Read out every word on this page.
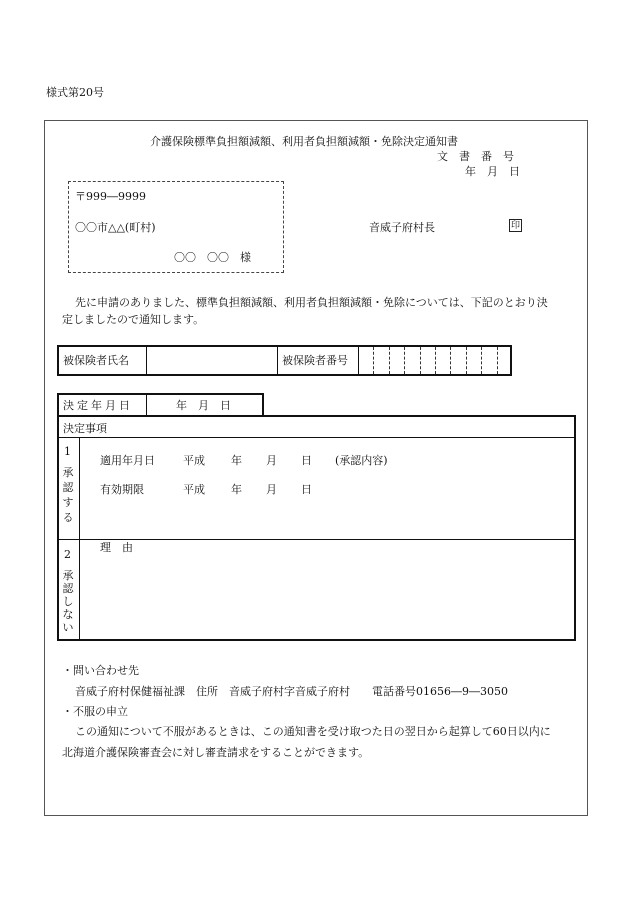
様式第20号
介護保険標準負担額減額、利用者負担額減額・免除決定通知書
文　書　番　号
年　月　日
〒999―9999
〇〇市△△(町村)
〇〇　〇〇　様
音威子府村長	印
先に申請のありました、標準負担額減額、利用者負担額減額・免除については、下記のとおり決
定しましたので通知します。
被保険者氏名	被保険者番号
決定年月日	年　月　日
決定事項
1
承
認
す
る
適用年月日	平成 年 月 日 (承認内容)
有効期限	平成 年 月 日
2
承
認
し
な
い
理　由
・問い合わせ先
音威子府村保健福祉課　住所　音威子府村字音威子府村　　電話番号01656―9―3050
・不服の申立
この通知について不服があるときは、この通知書を受け取つた日の翌日から起算して60日以内に
北海道介護保険審査会に対し審査請求をすることができます。
